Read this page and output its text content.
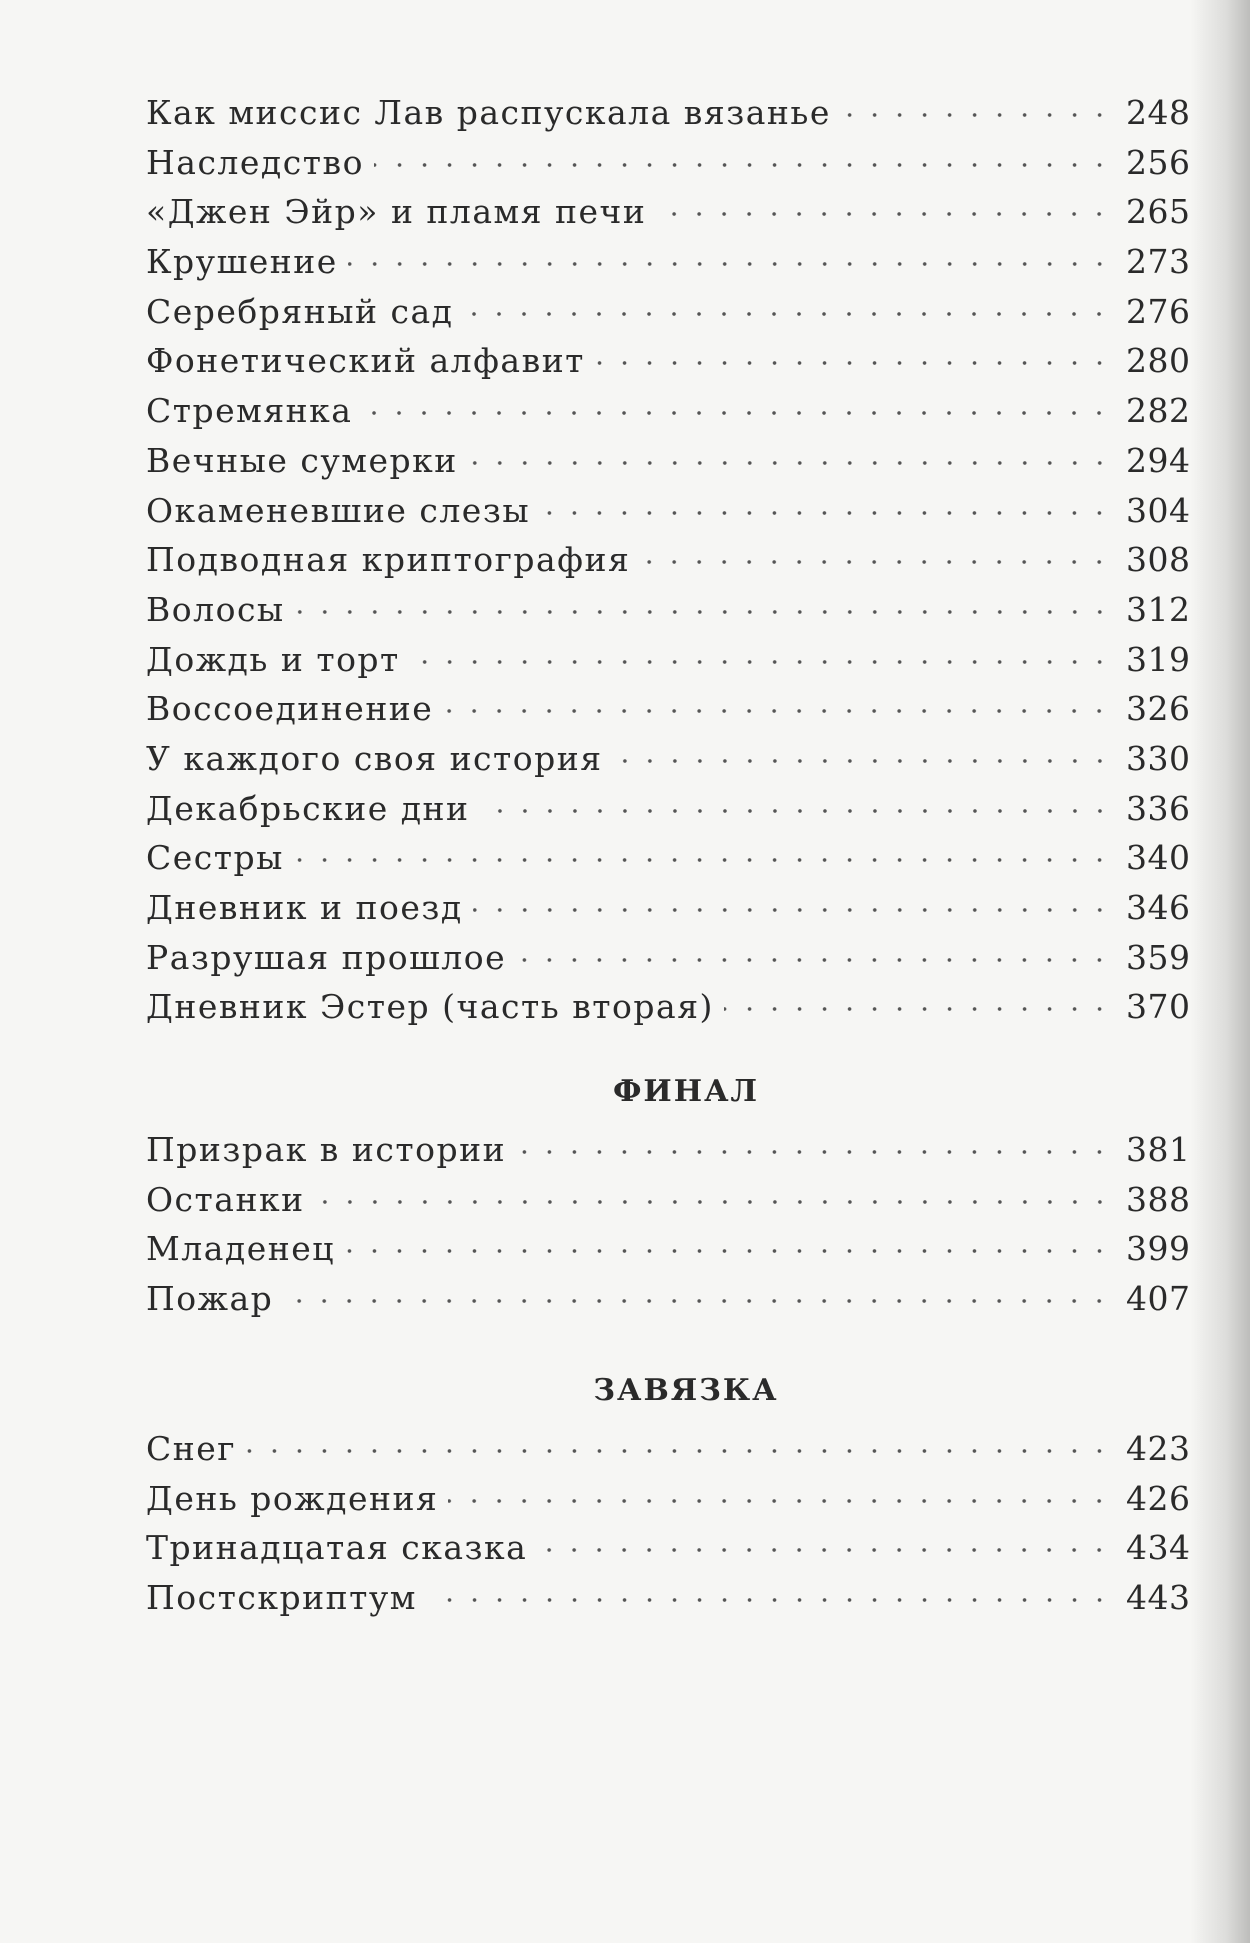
Как миссис Лав распускала вязанье	248
Наследство	256
«Джен Эйр» и пламя печи	265
Крушение	273
Серебряный сад	276
Фонетический алфавит	280
Стремянка	282
Вечные сумерки	294
Окаменевшие слезы	304
Подводная криптография	308
Волосы	312
Дождь и торт	319
Воссоединение	326
У каждого своя история	330
Декабрьские дни	336
Сестры	340
Дневник и поезд	346
Разрушая прошлое	359
Дневник Эстер (часть вторая)	370
ФИНАЛ
Призрак в истории	381
Останки	388
Младенец	399
Пожар	407
ЗАВЯЗКА
Снег	423
День рождения	426
Тринадцатая сказка	434
Постскриптум	443
